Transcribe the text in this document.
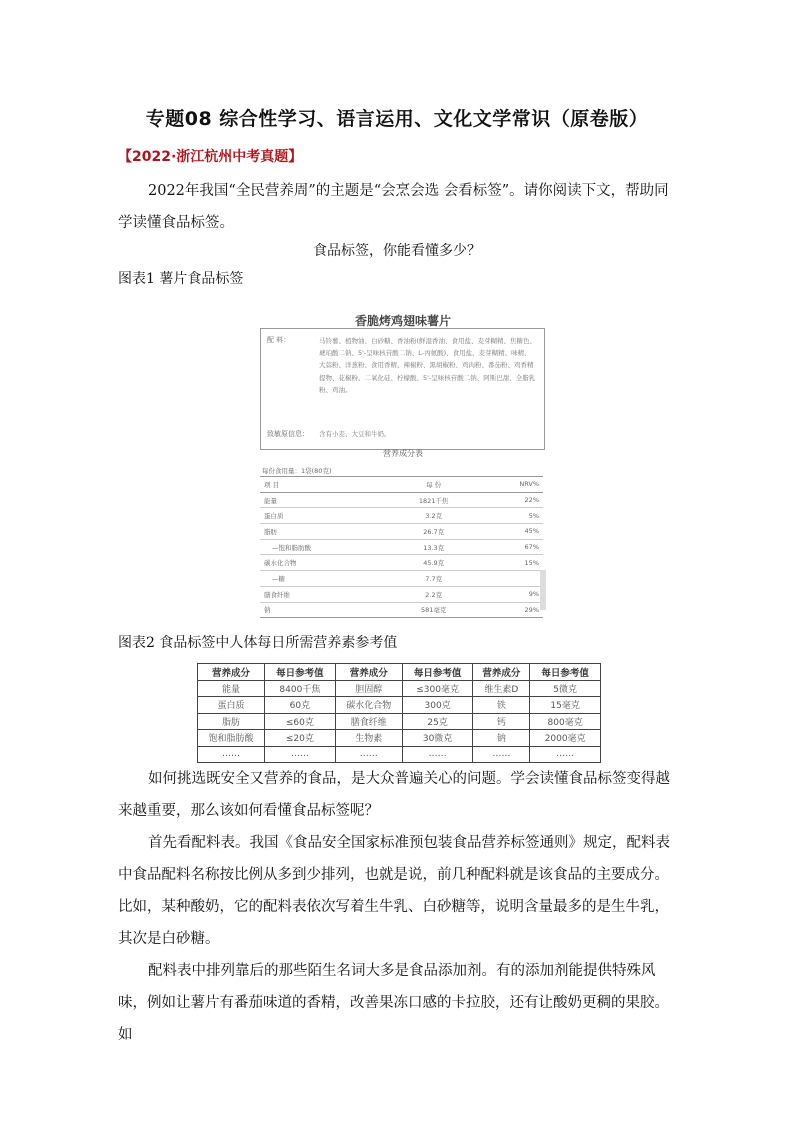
专题08 综合性学习、语言运用、文化文学常识（原卷版）
【2022·浙江杭州中考真题】
2022年我国“全民营养周”的主题是“会烹会选 会看标签”。请你阅读下文，帮助同学读懂食品标签。
食品标签，你能看懂多少？
图表1 薯片食品标签
香脆烤鸡翅味薯片
配 料：	马铃薯、植物油、白砂糖、香油粉(鲜湿香油、食用盐、麦芽糊精、焦糖色、琥珀酸二钠、5'-呈味核苷酸二钠、L-丙氨酸)、食用盐、麦芽糊精、味精、大蒜粉、洋葱粉、食用香精、辣椒粉、黑胡椒粉、鸡肉粉、番茄粉、鸡香精提物、花椒粉、二氧化硅、柠檬酸、5'-呈味核苷酸二钠、阿斯巴甜、全脂乳粉、鸡油。
致敏原信息： 含有小麦、大豆和牛奶。
营养成分表
每份食用量：1袋(80克)
项 目	每 份	NRV%
能量	1821千焦	22%
蛋白质	3.2克	5%
脂肪	26.7克	45%
—饱和脂肪酸	13.3克	67%
碳水化合物	45.9克	15%
—糖	7.7克	
膳食纤维	2.2克	9%
钠	581毫克	29%
图表2 食品标签中人体每日所需营养素参考值
营养成分	每日参考值	营养成分	每日参考值	营养成分	每日参考值
能量	8400千焦	胆固醇	≤300毫克	维生素D	5微克
蛋白质	60克	碳水化合物	300克	铁	15毫克
脂肪	≤60克	膳食纤维	25克	钙	800毫克
饱和脂肪酸	≤20克	生物素	30微克	钠	2000毫克
……	……	……	……	……	……
如何挑选既安全又营养的食品，是大众普遍关心的问题。学会读懂食品标签变得越来越重要，那么该如何看懂食品标签呢？
首先看配料表。我国《食品安全国家标准预包装食品营养标签通则》规定，配料表中食品配料名称按比例从多到少排列，也就是说，前几种配料就是该食品的主要成分。比如，某种酸奶，它的配料表依次写着生牛乳、白砂糖等，说明含量最多的是生牛乳，其次是白砂糖。
配料表中排列靠后的那些陌生名词大多是食品添加剂。有的添加剂能提供特殊风味，例如让薯片有番茄味道的香精，改善果冻口感的卡拉胶，还有让酸奶更稠的果胶。如
